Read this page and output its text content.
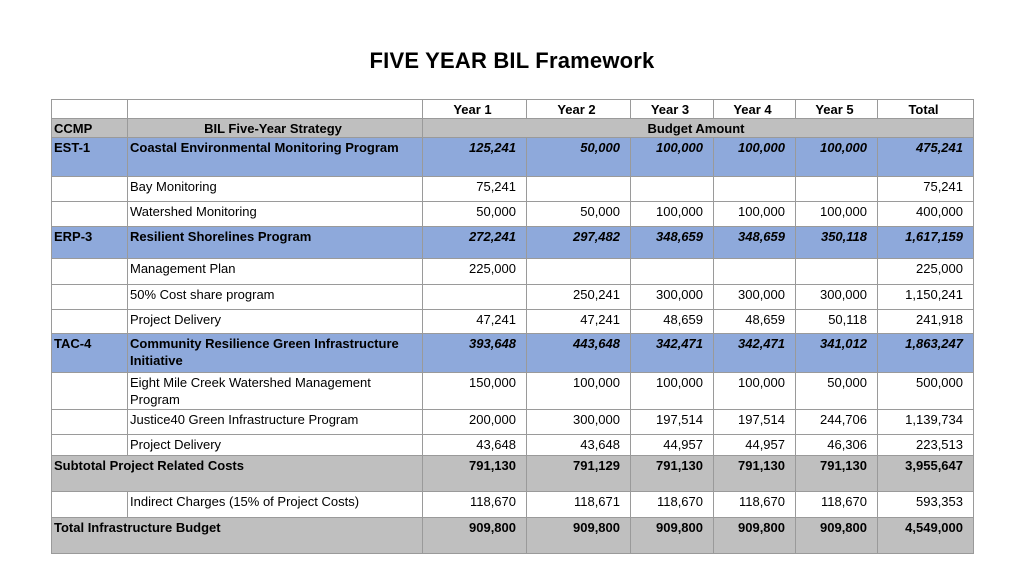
FIVE YEAR BIL Framework
		Year 1	Year 2	Year 3	Year 4	Year 5	Total
CCMP	BIL Five-Year Strategy	Budget Amount					
EST-1	Coastal Environmental Monitoring Program	125,241	50,000	100,000	100,000	100,000	475,241
	Bay Monitoring	75,241					75,241
	Watershed Monitoring	50,000	50,000	100,000	100,000	100,000	400,000
ERP-3	Resilient Shorelines Program	272,241	297,482	348,659	348,659	350,118	1,617,159
	Management Plan	225,000					225,000
	50% Cost share program		250,241	300,000	300,000	300,000	1,150,241
	Project Delivery	47,241	47,241	48,659	48,659	50,118	241,918
TAC-4	Community Resilience Green Infrastructure Initiative	393,648	443,648	342,471	342,471	341,012	1,863,247
	Eight Mile Creek Watershed Management Program	150,000	100,000	100,000	100,000	50,000	500,000
	Justice40 Green Infrastructure Program	200,000	300,000	197,514	197,514	244,706	1,139,734
	Project Delivery	43,648	43,648	44,957	44,957	46,306	223,513
Subtotal Project Related Costs		791,130	791,129	791,130	791,130	791,130	3,955,647
	Indirect Charges (15% of Project Costs)	118,670	118,671	118,670	118,670	118,670	593,353
Total Infrastructure Budget		909,800	909,800	909,800	909,800	909,800	4,549,000
